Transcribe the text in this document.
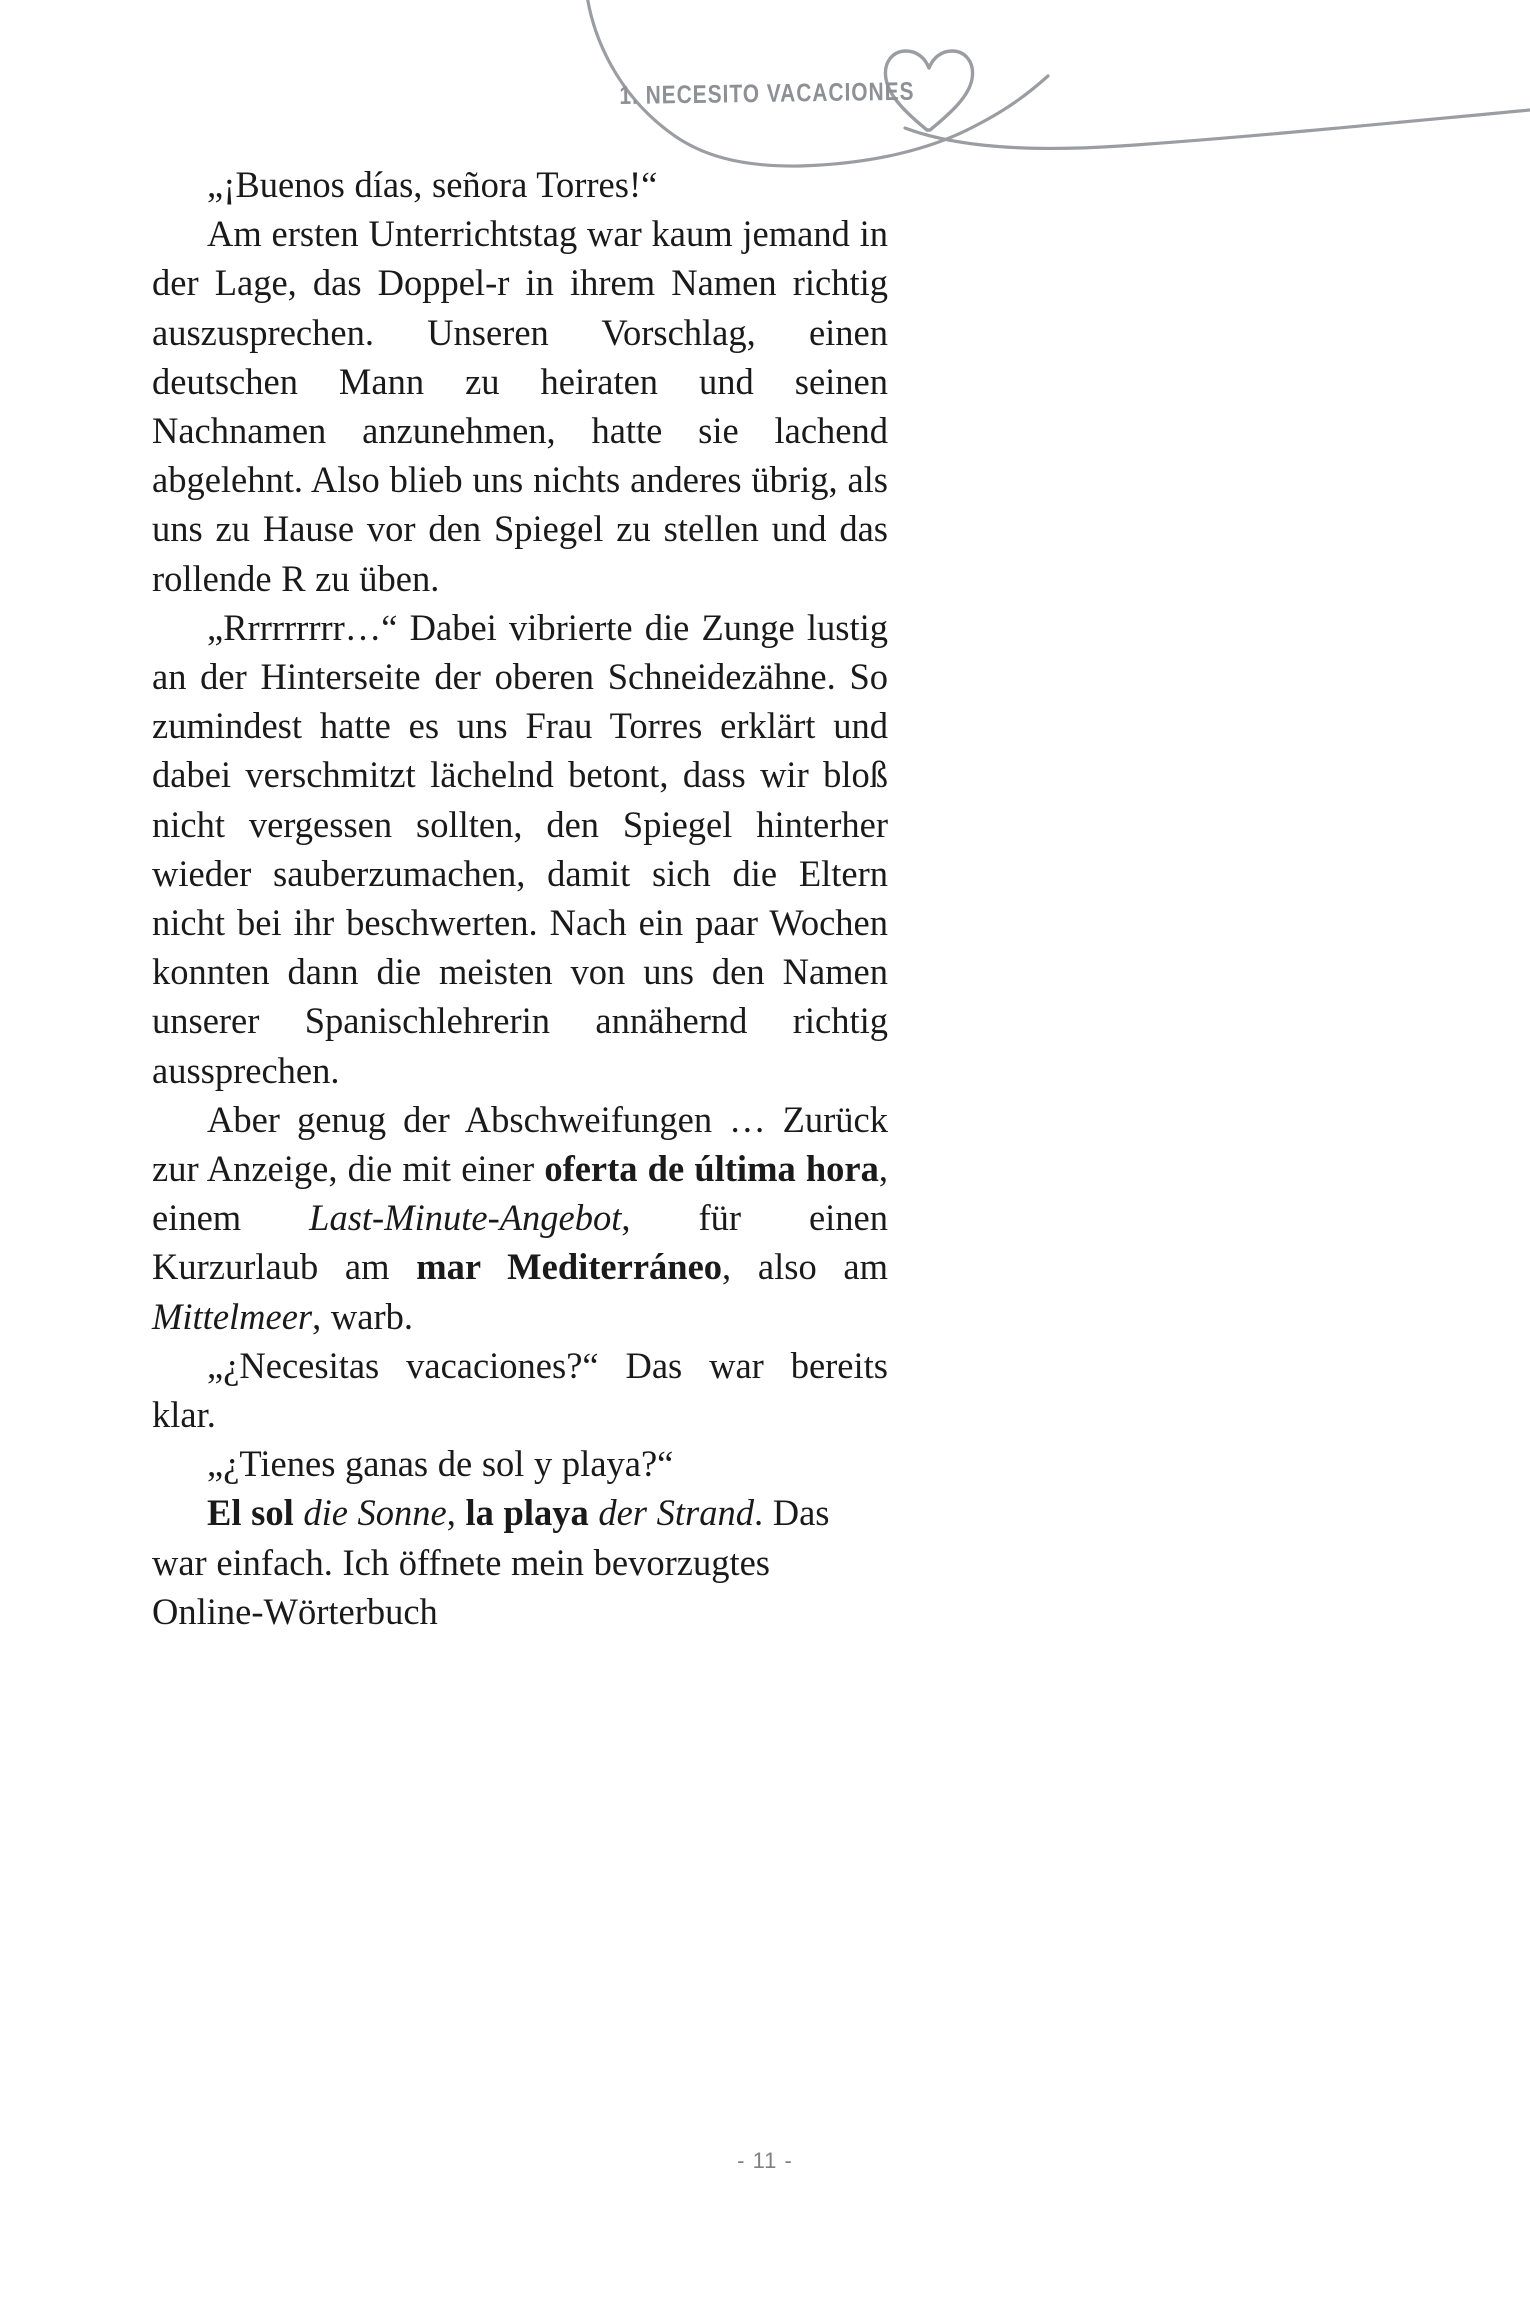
1. NECESITO VACACIONES

„¡Buenos días, señora Torres!“

Am ersten Unterrichtstag war kaum jemand in der Lage, das Doppel-r in ihrem Namen richtig auszusprechen. Unseren Vorschlag, einen deutschen Mann zu heiraten und seinen Nachnamen anzunehmen, hatte sie lachend abgelehnt. Also blieb uns nichts anderes übrig, als uns zu Hause vor den Spiegel zu stellen und das rollende R zu üben.

„Rrrrrrrrr…“ Dabei vibrierte die Zunge lustig an der Hinterseite der oberen Schneidezähne. So zumindest hatte es uns Frau Torres erklärt und dabei verschmitzt lächelnd betont, dass wir bloß nicht vergessen sollten, den Spiegel hinterher wieder sauberzumachen, damit sich die Eltern nicht bei ihr beschwerten. Nach ein paar Wochen konnten dann die meisten von uns den Namen unserer Spanischlehrerin annähernd richtig aussprechen.

Aber genug der Abschweifungen … Zurück zur Anzeige, die mit einer oferta de última hora, einem Last-Minute-Angebot, für einen Kurzurlaub am mar Mediterráneo, also am Mittelmeer, warb.

„¿Necesitas vacaciones?“ Das war bereits klar.

„¿Tienes ganas de sol y playa?“

El sol die Sonne, la playa der Strand. Das war einfach. Ich öffnete mein bevorzugtes Online-Wörterbuch

- 11 -
